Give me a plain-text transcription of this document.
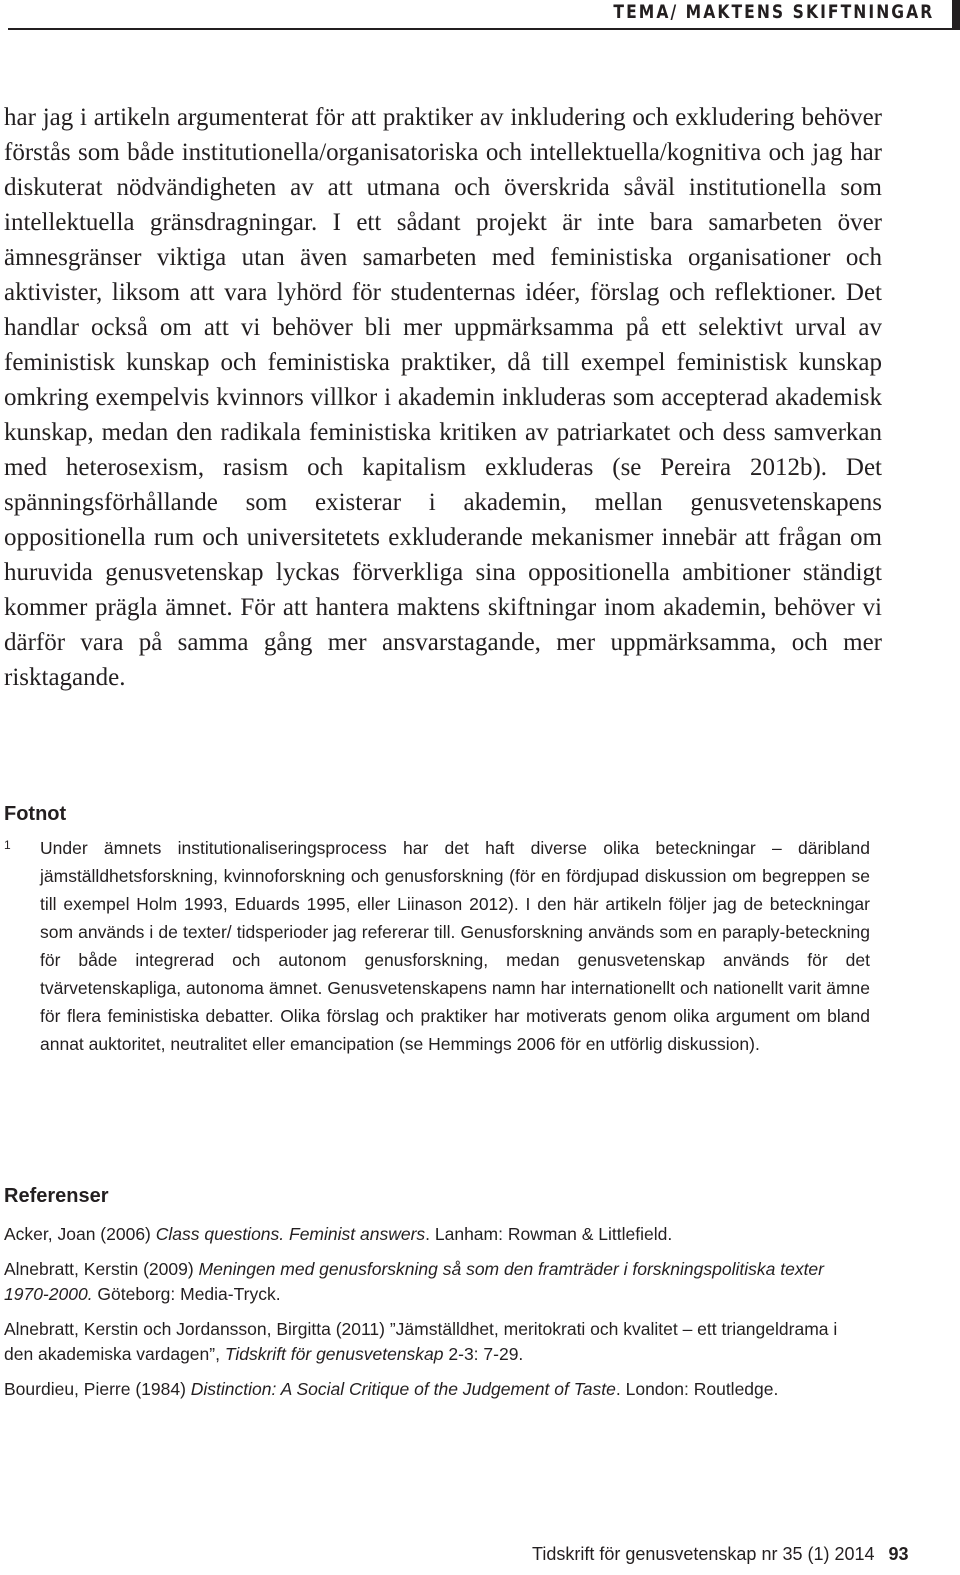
TEMA/ MAKTENS SKIFTNINGAR

har jag i artikeln argumenterat för att praktiker av inkludering och exkludering behöver förstås som både institutionella/organisatoriska och intellektuella/kognitiva och jag har diskuterat nödvändigheten av att utmana och överskrida såväl institutionella som intellektuella gränsdragningar. I ett sådant projekt är inte bara samarbeten över ämnesgränser viktiga utan även samarbeten med feministiska organisationer och aktivister, liksom att vara lyhörd för studenternas idéer, förslag och reflektioner. Det handlar också om att vi behöver bli mer uppmärksamma på ett selektivt urval av feministisk kunskap och feministiska praktiker, då till exempel feministisk kunskap omkring exempelvis kvinnors villkor i akademin inkluderas som accepterad akademisk kunskap, medan den radikala feministiska kritiken av patriarkatet och dess samverkan med heterosexism, rasism och kapitalism exkluderas (se Pereira 2012b). Det spänningsförhållande som existerar i akademin, mellan genusvetenskapens oppositionella rum och universitetets exkluderande mekanismer innebär att frågan om huruvida genusvetenskap lyckas förverkliga sina oppositionella ambitioner ständigt kommer prägla ämnet. För att hantera maktens skiftningar inom akademin, behöver vi därför vara på samma gång mer ansvarstagande, mer uppmärksamma, och mer risktagande.

Fotnot
1 Under ämnets institutionaliseringsprocess har det haft diverse olika beteckningar – däribland jämställdhetsforskning, kvinnoforskning och genusforskning (för en fördjupad diskussion om begreppen se till exempel Holm 1993, Eduards 1995, eller Liinason 2012). I den här artikeln följer jag de beteckningar som används i de texter/ tidsperioder jag refererar till. Genusforskning används som en paraply-beteckning för både integrerad och autonom genusforskning, medan genusvetenskap används för det tvärvetenskapliga, autonoma ämnet. Genusvetenskapens namn har internationellt och nationellt varit ämne för flera feministiska debatter. Olika förslag och praktiker har motiverats genom olika argument om bland annat auktoritet, neutralitet eller emancipation (se Hemmings 2006 för en utförlig diskussion).

Referenser

Acker, Joan (2006) Class questions. Feminist answers. Lanham: Rowman & Littlefield.

Alnebratt, Kerstin (2009) Meningen med genusforskning så som den framträder i forskningspolitiska texter 1970-2000. Göteborg: Media-Tryck.

Alnebratt, Kerstin och Jordansson, Birgitta (2011) ”Jämställdhet, meritokrati och kvalitet – ett triangeldrama i den akademiska vardagen”, Tidskrift för genusvetenskap 2-3: 7-29.

Bourdieu, Pierre (1984) Distinction: A Social Critique of the Judgement of Taste. London: Routledge.

Tidskrift för genusvetenskap nr 35 (1) 2014 93
